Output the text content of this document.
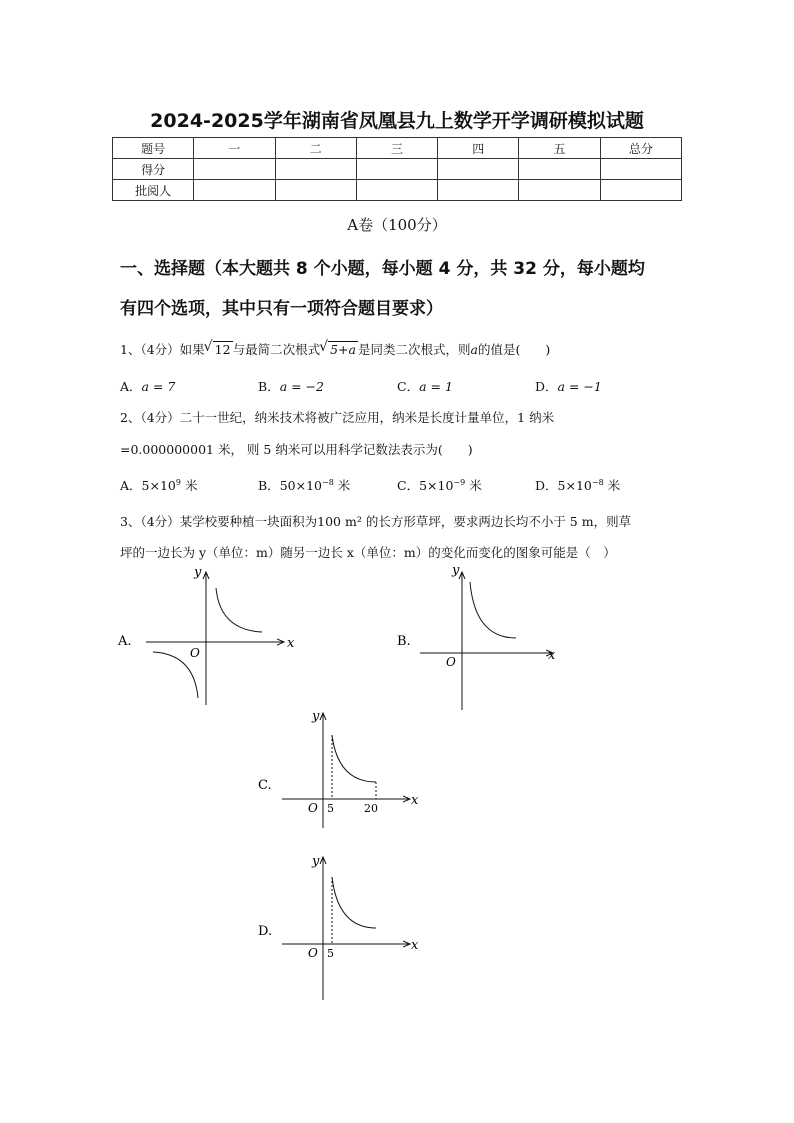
2024-2025学年湖南省凤凰县九上数学开学调研模拟试题
题号	一	二	三	四	五	总分
得分						
批阅人						
A卷（100分）
一、选择题（本大题共 8 个小题，每小题 4 分，共 32 分，每小题均
有四个选项，其中只有一项符合题目要求）
1、（4分）如果 √ 12 与最简二次根式 √ 5+a 是同类二次根式，则a的值是(　　)
A．a = 7	B．a = −2	C．a = 1	D．a = −1
2、（4分）二十一世纪，纳米技术将被广泛应用，纳米是长度计量单位，1 纳米
=0.000000001 米， 则 5 纳米可以用科学记数法表示为(　　)
A．$5\times 10^9$ 米	B．$50\times 10^{-8}$ 米	C．$5\times 10^{-9}$ 米	D．$5\times 10^{-8}$ 米
3、（4分）某学校要种植一块面积为100 m² 的长方形草坪，要求两边长均不小于 5 m，则草
坪的一边长为 y（单位：m）随另一边长 x（单位：m）的变化而变化的图象可能是（　）
A.	x
y
O
B.
x
y
O
C.
x
y
O 5	20
D.
x
y
O 5
